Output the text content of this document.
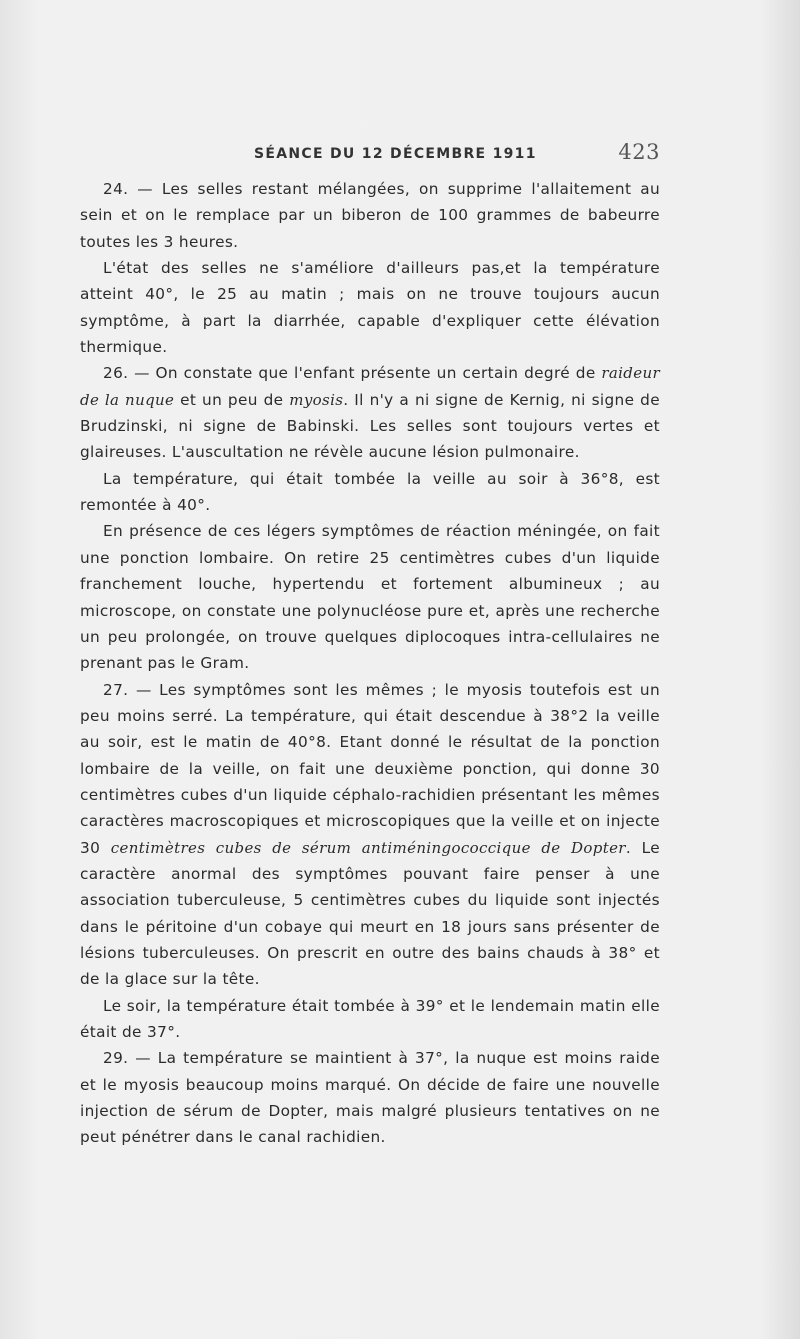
SÉANCE DU 12 DÉCEMBRE 1911	423

24. — Les selles restant mélangées, on supprime l'allaitement au sein et on le remplace par un biberon de 100 grammes de babeurre toutes les 3 heures.

L'état des selles ne s'améliore d'ailleurs pas,et la température atteint 40°, le 25 au matin ; mais on ne trouve toujours aucun symptôme, à part la diarrhée, capable d'expliquer cette élévation thermique.

26. — On constate que l'enfant présente un certain degré de raideur de la nuque et un peu de myosis. Il n'y a ni signe de Kernig, ni signe de Brudzinski, ni signe de Babinski. Les selles sont toujours vertes et glaireuses. L'auscultation ne révèle aucune lésion pulmonaire.

La température, qui était tombée la veille au soir à 36°8, est remontée à 40°.

En présence de ces légers symptômes de réaction méningée, on fait une ponction lombaire. On retire 25 centimètres cubes d'un liquide franchement louche, hypertendu et fortement albumineux ; au microscope, on constate une polynucléose pure et, après une recherche un peu prolongée, on trouve quelques diplocoques intra-cellulaires ne prenant pas le Gram.

27. — Les symptômes sont les mêmes ; le myosis toutefois est un peu moins serré. La température, qui était descendue à 38°2 la veille au soir, est le matin de 40°8. Etant donné le résultat de la ponction lombaire de la veille, on fait une deuxième ponction, qui donne 30 centimètres cubes d'un liquide céphalo-rachidien présentant les mêmes caractères macroscopiques et microscopiques que la veille et on injecte 30 centimètres cubes de sérum antiméningococcique de Dopter. Le caractère anormal des symptômes pouvant faire penser à une association tuberculeuse, 5 centimètres cubes du liquide sont injectés dans le péritoine d'un cobaye qui meurt en 18 jours sans présenter de lésions tuberculeuses. On prescrit en outre des bains chauds à 38° et de la glace sur la tête.

Le soir, la température était tombée à 39° et le lendemain matin elle était de 37°.

29. — La température se maintient à 37°, la nuque est moins raide et le myosis beaucoup moins marqué. On décide de faire une nouvelle injection de sérum de Dopter, mais malgré plusieurs tentatives on ne peut pénétrer dans le canal rachidien.
